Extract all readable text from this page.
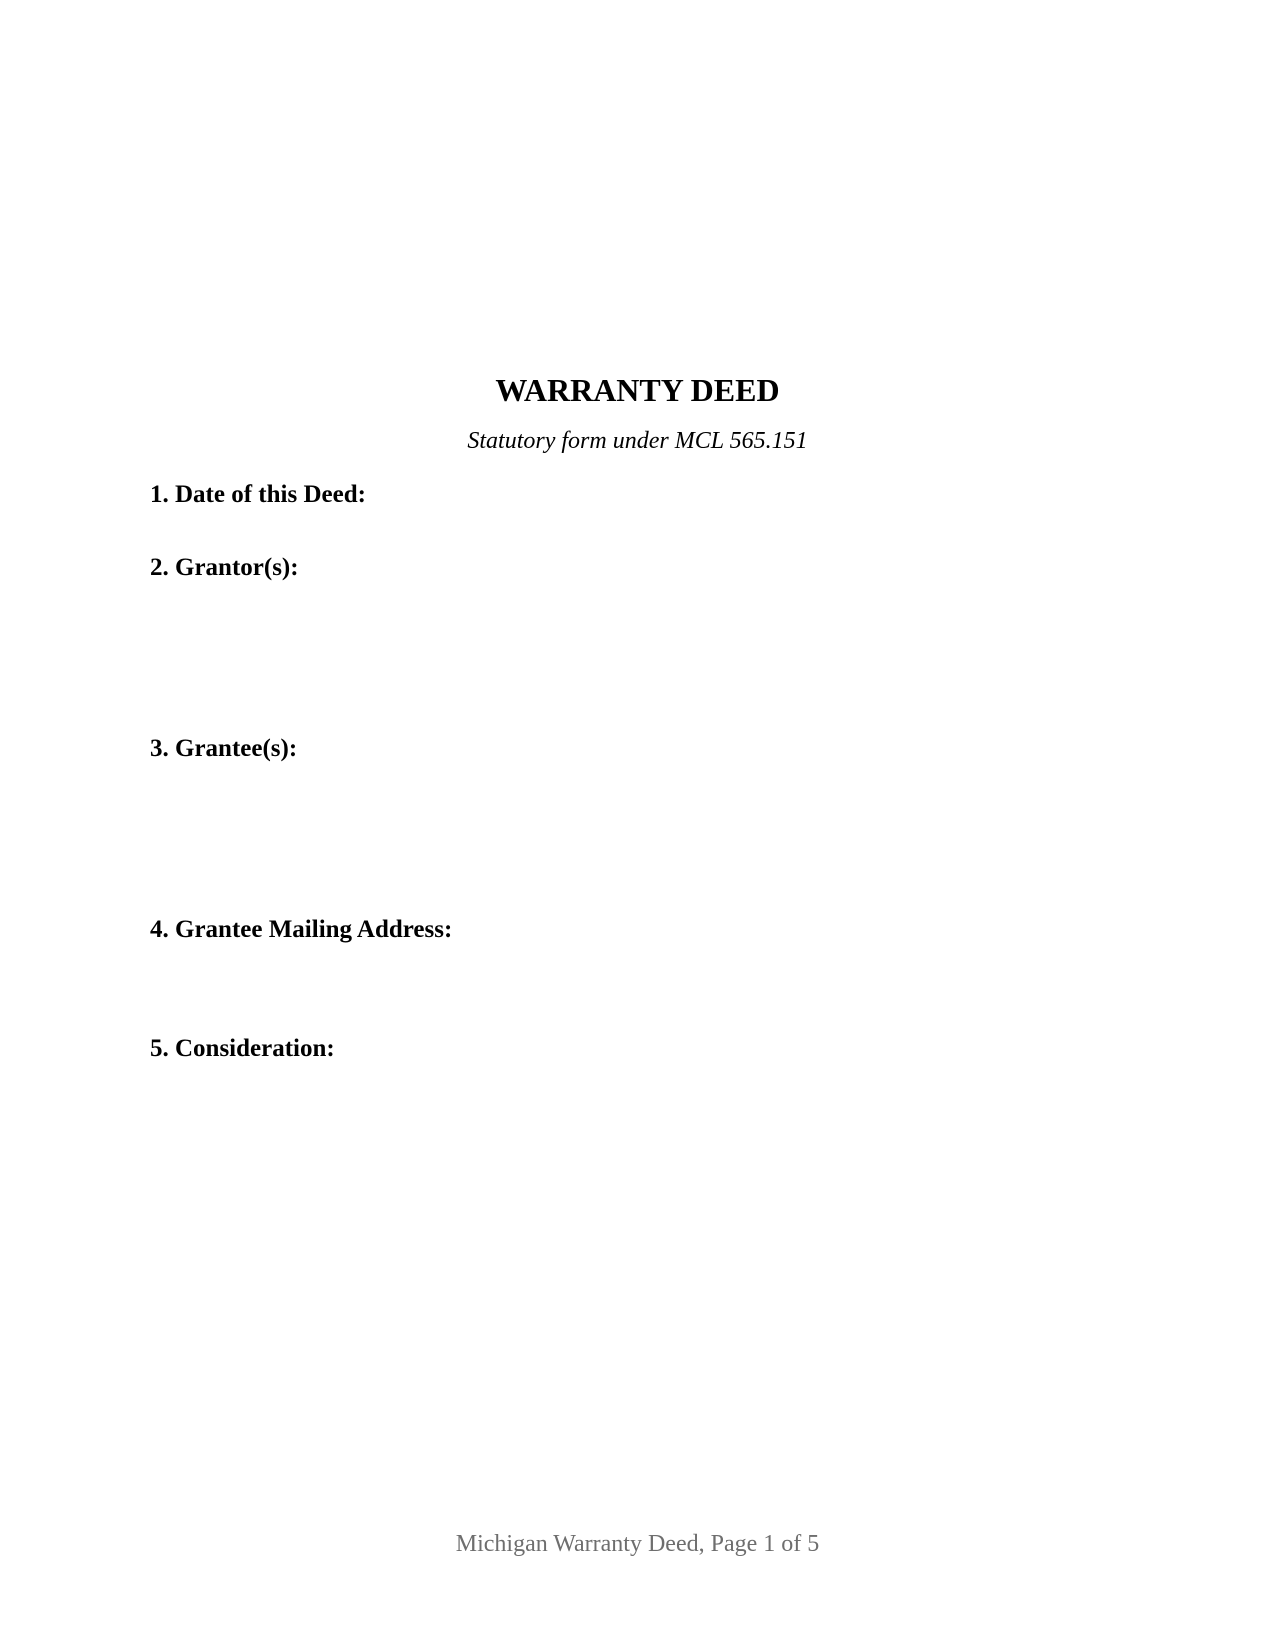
WARRANTY DEED
Statutory form under MCL 565.151
1. Date of this Deed:
2. Grantor(s):
3. Grantee(s):
4. Grantee Mailing Address:
5. Consideration:
Michigan Warranty Deed, Page 1 of 5
